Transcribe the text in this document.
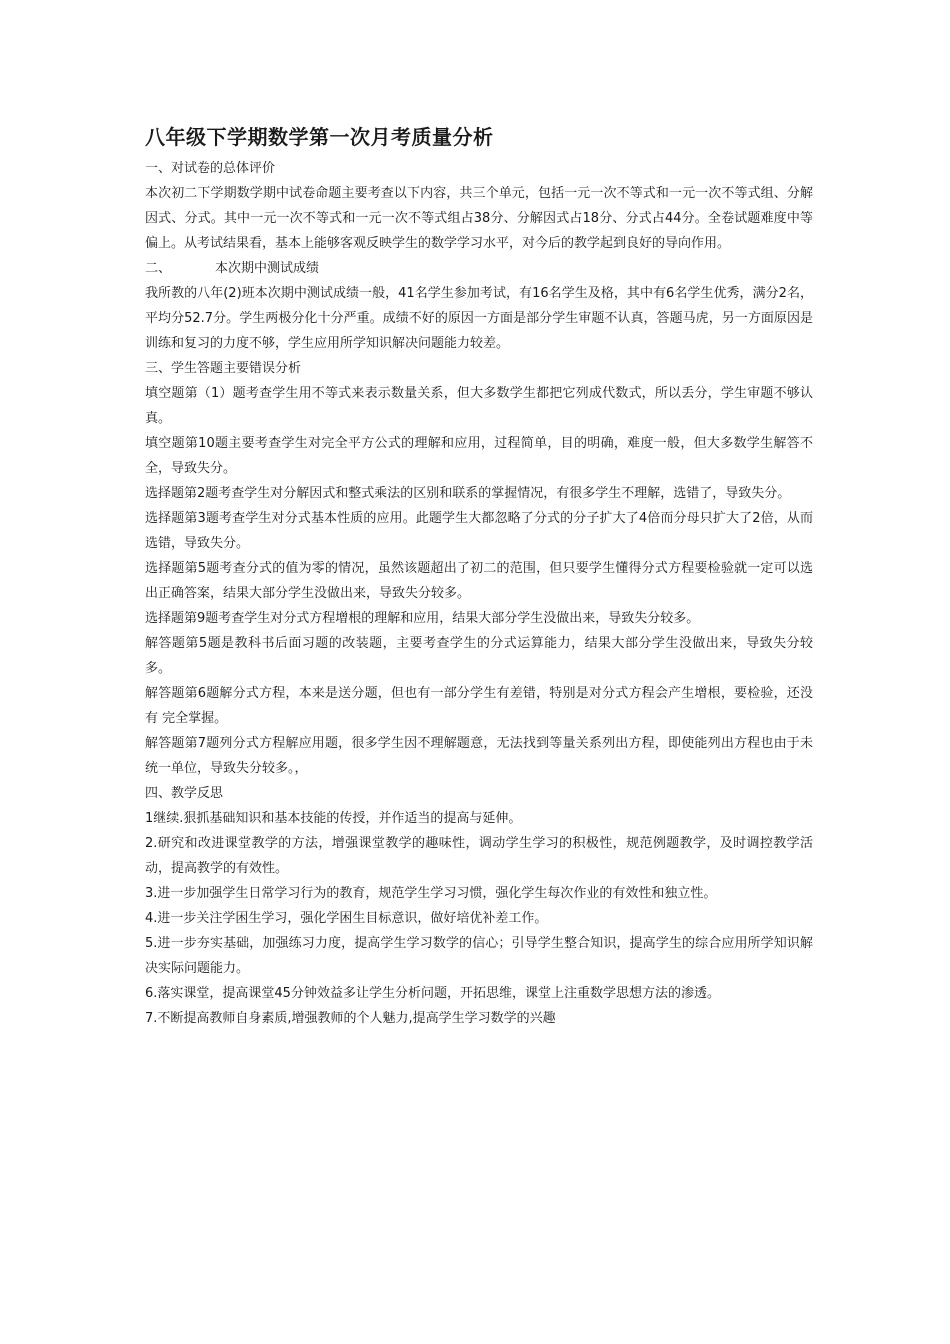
八年级下学期数学第一次月考质量分析

一、对试卷的总体评价

本次初二下学期数学期中试卷命题主要考查以下内容，共三个单元，包括一元一次不等式和一元一次不等式组、分解因式、分式。其中一元一次不等式和一元一次不等式组占38分、分解因式占18分、分式占44分。全卷试题难度中等偏上。从考试结果看，基本上能够客观反映学生的数学学习水平，对今后的教学起到良好的导向作用。

二、	本次期中测试成绩

我所教的八年(2)班本次期中测试成绩一般，41名学生参加考试，有16名学生及格，其中有6名学生优秀，满分2名，平均分52.7分。学生两极分化十分严重。成绩不好的原因一方面是部分学生审题不认真，答题马虎，另一方面原因是训练和复习的力度不够，学生应用所学知识解决问题能力较差。

三、学生答题主要错误分析

填空题第（1）题考查学生用不等式来表示数量关系，但大多数学生都把它列成代数式，所以丢分，学生审题不够认真。

填空题第10题主要考查学生对完全平方公式的理解和应用，过程简单，目的明确，难度一般，但大多数学生解答不全，导致失分。

选择题第2题考查学生对分解因式和整式乘法的区别和联系的掌握情况，有很多学生不理解，选错了，导致失分。

选择题第3题考查学生对分式基本性质的应用。此题学生大都忽略了分式的分子扩大了4倍而分母只扩大了2倍，从而选错，导致失分。

选择题第5题考查分式的值为零的情况，虽然该题超出了初二的范围，但只要学生懂得分式方程要检验就一定可以选出正确答案，结果大部分学生没做出来，导致失分较多。

选择题第9题考查学生对分式方程增根的理解和应用，结果大部分学生没做出来，导致失分较多。

解答题第5题是教科书后面习题的改装题，主要考查学生的分式运算能力，结果大部分学生没做出来，导致失分较多。

解答题第6题解分式方程，本来是送分题，但也有一部分学生有差错，特别是对分式方程会产生增根，要检验，还没有 完全掌握。

解答题第7题列分式方程解应用题，很多学生因不理解题意，无法找到等量关系列出方程，即使能列出方程也由于未统一单位，导致失分较多。，

四、教学反思

1继续.狠抓基础知识和基本技能的传授，并作适当的提高与延伸。

2.研究和改进课堂教学的方法，增强课堂教学的趣味性，调动学生学习的积极性，规范例题教学，及时调控教学活动，提高教学的有效性。

3.进一步加强学生日常学习行为的教育，规范学生学习习惯，强化学生每次作业的有效性和独立性。

4.进一步关注学困生学习，强化学困生目标意识，做好培优补差工作。

5.进一步夯实基础，加强练习力度，提高学生学习数学的信心；引导学生整合知识，提高学生的综合应用所学知识解决实际问题能力。

6.落实课堂，提高课堂45分钟效益多让学生分析问题，开拓思维，课堂上注重数学思想方法的渗透。

7.不断提高教师自身素质,增强教师的个人魅力,提高学生学习数学的兴趣
